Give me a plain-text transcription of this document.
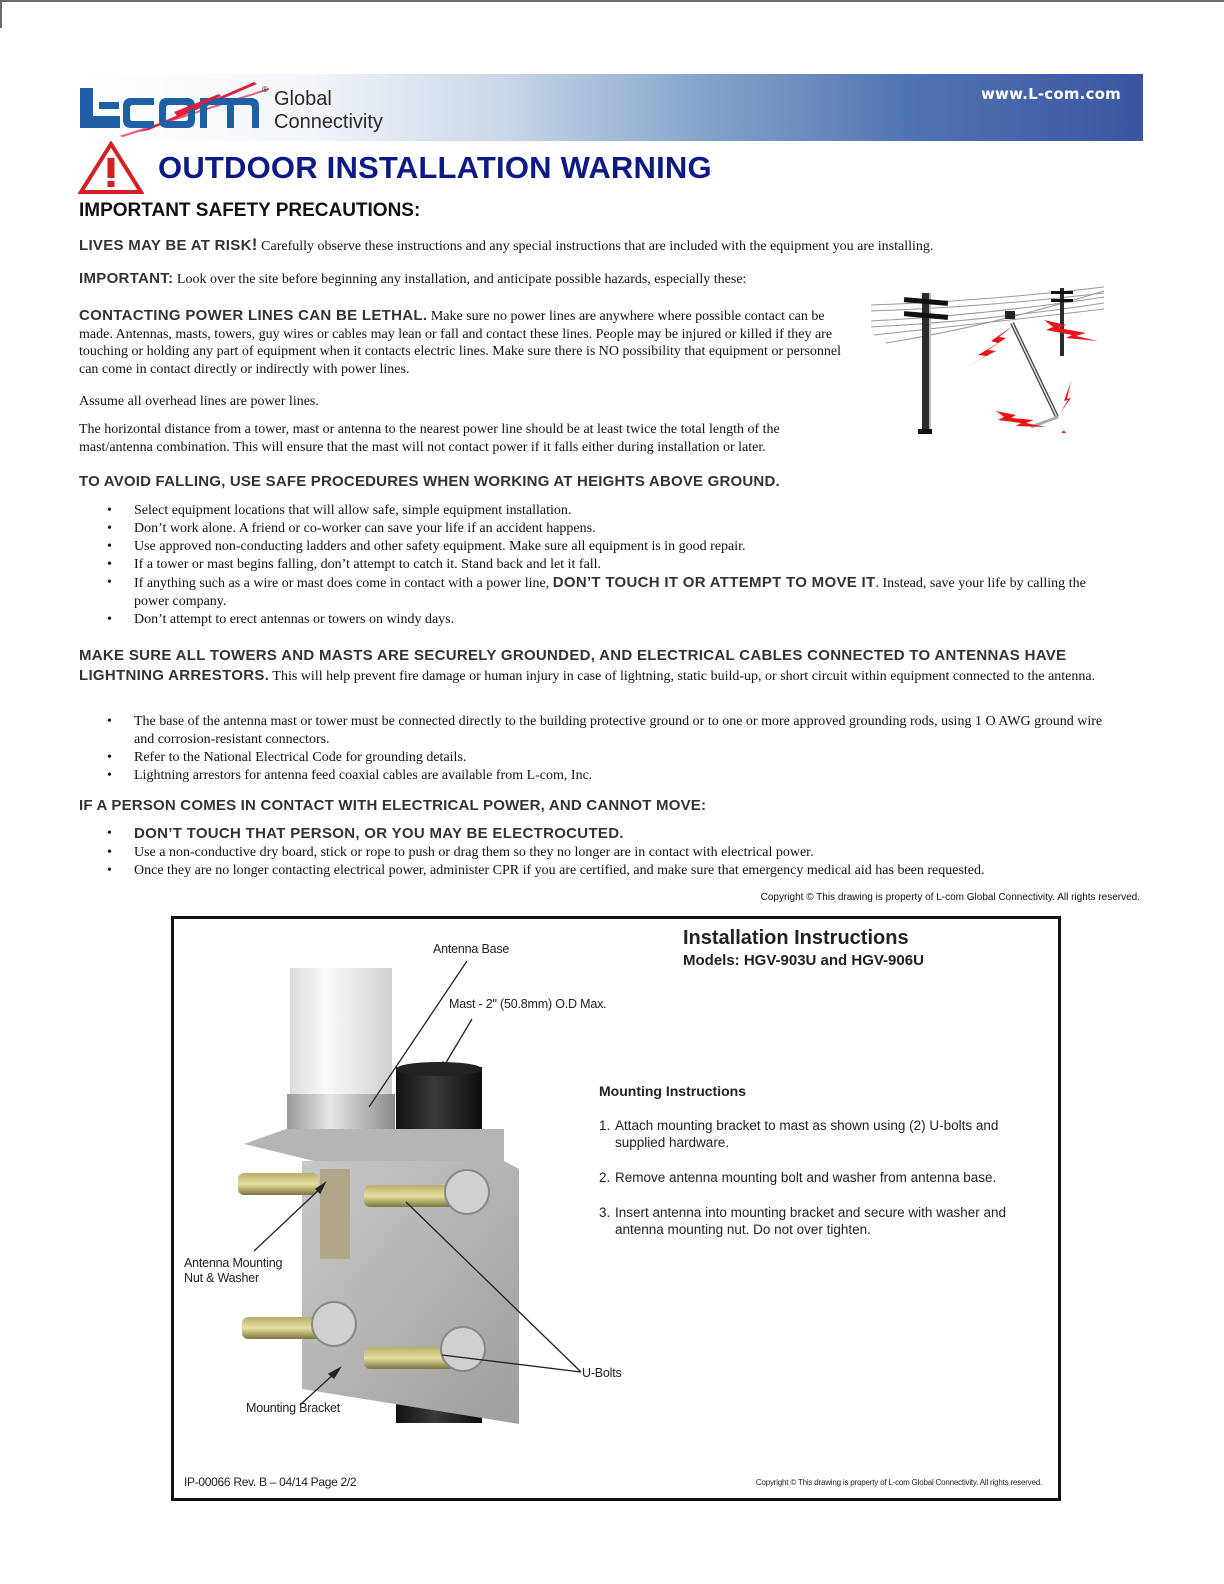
® Global
Connectivity
www.L-com.com
OUTDOOR INSTALLATION WARNING
IMPORTANT SAFETY PRECAUTIONS:
LIVES MAY BE AT RISK! Carefully observe these instructions and any special instructions that are included with the equipment you are installing.
IMPORTANT: Look over the site before beginning any installation, and anticipate possible hazards, especially these:
CONTACTING POWER LINES CAN BE LETHAL. Make sure no power lines are anywhere where possible contact can be made. Antennas, masts, towers, guy wires or cables may lean or fall and contact these lines. People may be injured or killed if they are touching or holding any part of equipment when it contacts electric lines. Make sure there is NO possibility that equipment or personnel can come in contact directly or indirectly with power lines.
Assume all overhead lines are power lines.
The horizontal distance from a tower, mast or antenna to the nearest power line should be at least twice the total length of the mast/antenna combination. This will ensure that the mast will not contact power if it falls either during installation or later.
TO AVOID FALLING, USE SAFE PROCEDURES WHEN WORKING AT HEIGHTS ABOVE GROUND.
• Select equipment locations that will allow safe, simple equipment installation.
• Don’t work alone. A friend or co-worker can save your life if an accident happens.
• Use approved non-conducting ladders and other safety equipment. Make sure all equipment is in good repair.
• If a tower or mast begins falling, don’t attempt to catch it. Stand back and let it fall.
• If anything such as a wire or mast does come in contact with a power line, DON’T TOUCH IT OR ATTEMPT TO MOVE IT. Instead, save your life by calling the power company.
• Don’t attempt to erect antennas or towers on windy days.
MAKE SURE ALL TOWERS AND MASTS ARE SECURELY GROUNDED, AND ELECTRICAL CABLES CONNECTED TO ANTENNAS HAVE LIGHTNING ARRESTORS. This will help prevent fire damage or human injury in case of lightning, static build-up, or short circuit within equipment connected to the antenna.
• The base of the antenna mast or tower must be connected directly to the building protective ground or to one or more approved grounding rods, using 1 O AWG ground wire and corrosion-resistant connectors.
• Refer to the National Electrical Code for grounding details.
• Lightning arrestors for antenna feed coaxial cables are available from L-com, Inc.
IF A PERSON COMES IN CONTACT WITH ELECTRICAL POWER, AND CANNOT MOVE:
• DON’T TOUCH THAT PERSON, OR YOU MAY BE ELECTROCUTED.
• Use a non-conductive dry board, stick or rope to push or drag them so they no longer are in contact with electrical power.
• Once they are no longer contacting electrical power, administer CPR if you are certified, and make sure that emergency medical aid has been requested.
Copyright © This drawing is property of L-com Global Connectivity. All rights reserved.
Installation Instructions
Models: HGV-903U and HGV-906U
Antenna Base
Mast - 2" (50.8mm) O.D Max.
Antenna Mounting
Nut & Washer
U-Bolts
Mounting Bracket
Mounting Instructions
1. Attach mounting bracket to mast as shown using (2) U-bolts and supplied hardware.
2. Remove antenna mounting bolt and washer from antenna base.
3. Insert antenna into mounting bracket and secure with washer and antenna mounting nut. Do not over tighten.
IP-00066 Rev. B – 04/14 Page 2/2	Copyright © This drawing is property of L-com Global Connectivity. All rights reserved.
